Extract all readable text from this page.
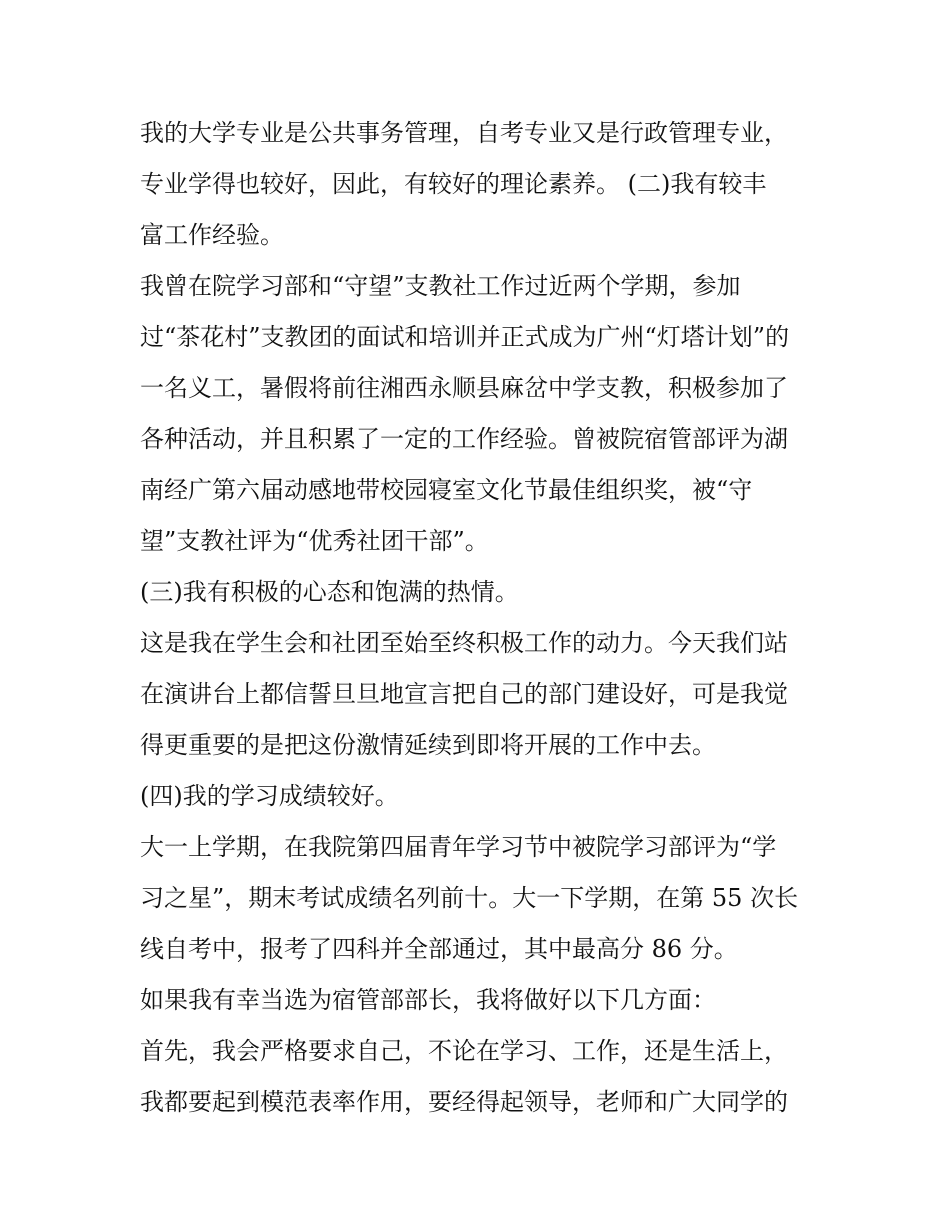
我的大学专业是公共事务管理，自考专业又是行政管理专业，
专业学得也较好，因此，有较好的理论素养。 (二)我有较丰
富工作经验。
我曾在院学习部和“守望”支教社工作过近两个学期，参加
过“茶花村”支教团的面试和培训并正式成为广州“灯塔计划”的
一名义工，暑假将前往湘西永顺县麻岔中学支教，积极参加了
各种活动，并且积累了一定的工作经验。曾被院宿管部评为湖
南经广第六届动感地带校园寝室文化节最佳组织奖，被“守
望”支教社评为“优秀社团干部”。
(三)我有积极的心态和饱满的热情。
这是我在学生会和社团至始至终积极工作的动力。今天我们站
在演讲台上都信誓旦旦地宣言把自己的部门建设好，可是我觉
得更重要的是把这份激情延续到即将开展的工作中去。
(四)我的学习成绩较好。
大一上学期，在我院第四届青年学习节中被院学习部评为“学
习之星”，期末考试成绩名列前十。大一下学期，在第 55 次长
线自考中，报考了四科并全部通过，其中最高分 86 分。
如果我有幸当选为宿管部部长，我将做好以下几方面：
首先，我会严格要求自己，不论在学习、工作，还是生活上，
我都要起到模范表率作用，要经得起领导，老师和广大同学的
